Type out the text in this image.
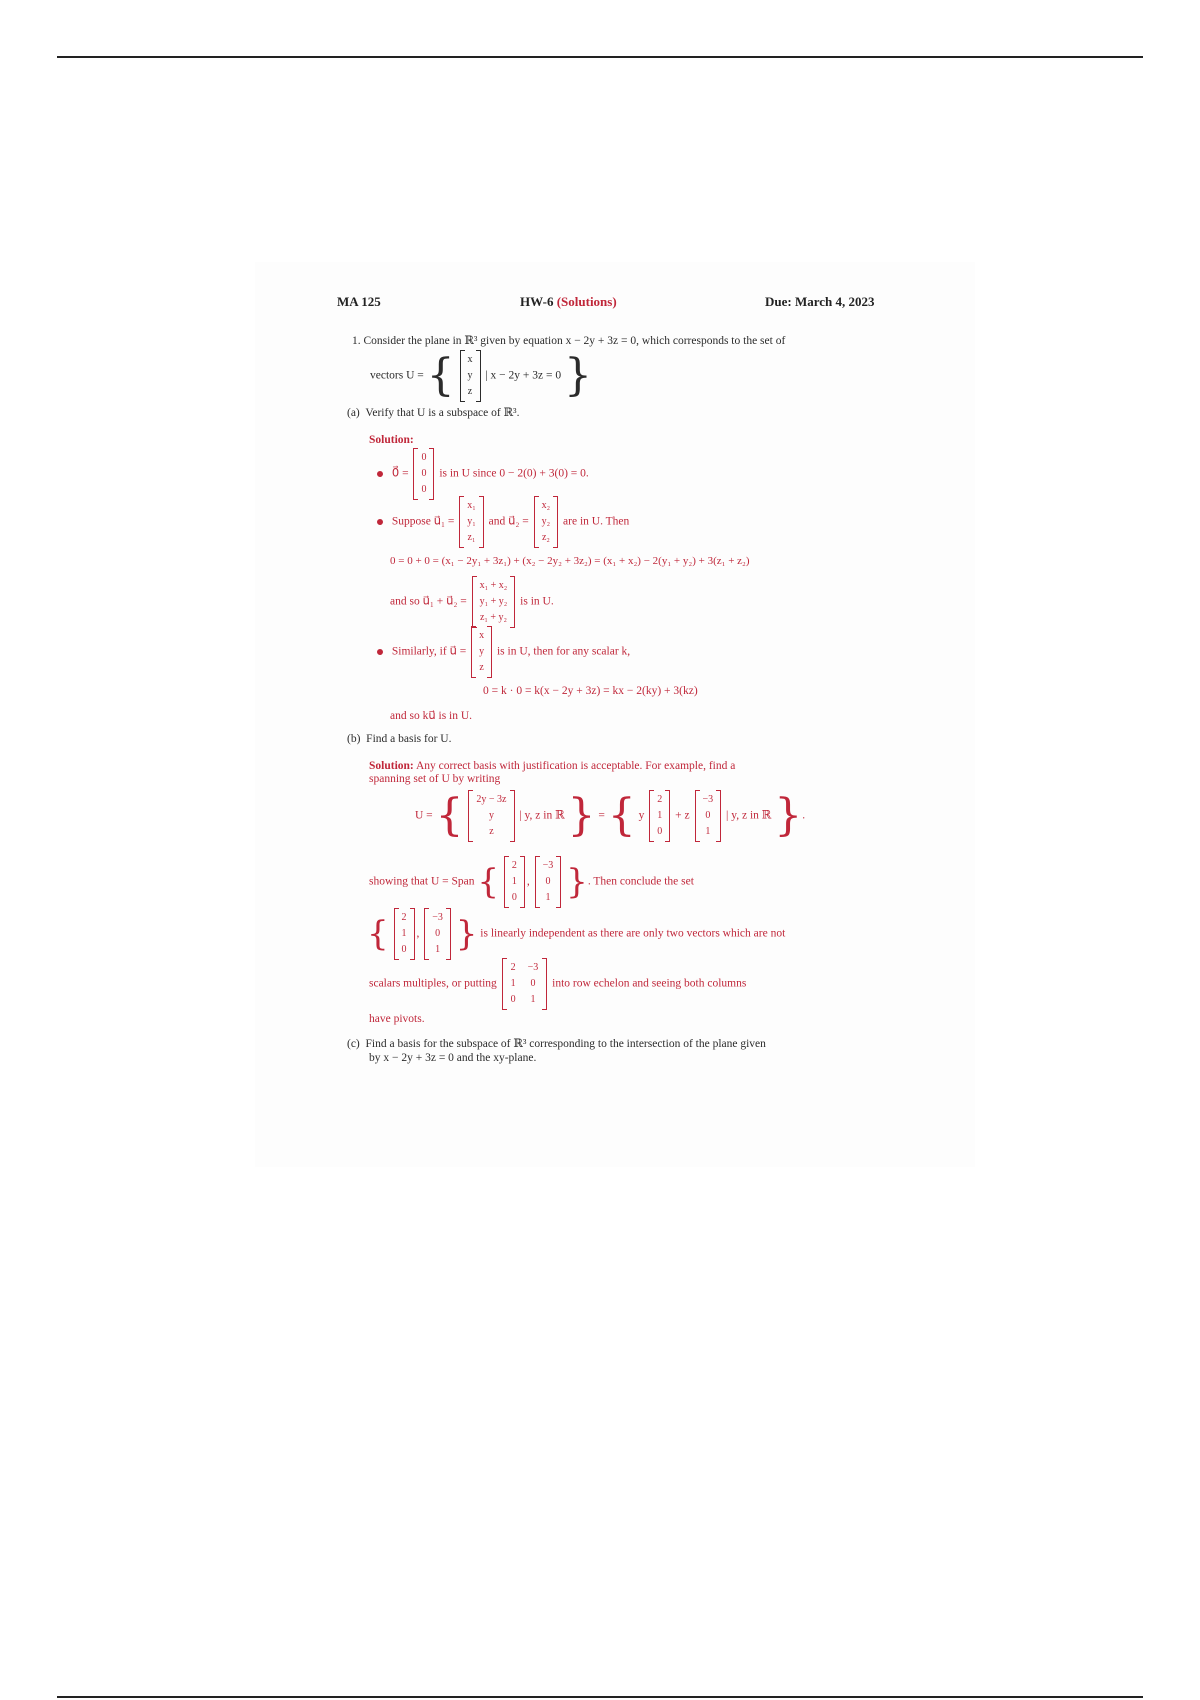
MA 125	HW-6 (Solutions)	Due: March 4, 2023
1. Consider the plane in ℝ³ given by equation x − 2y + 3z = 0, which corresponds to the set of
vectors U = { x
y
z
| x − 2y + 3z = 0 }
(a) Verify that U is a subspace of ℝ³.
Solution:
0⃗ =
0
0
0
is in U since 0 − 2(0) + 3(0) = 0.
Suppose u⃗₁ =
x₁
y₁
z₁
and u⃗₂ =
x₂
y₂
z₂
are in U. Then
0 = 0 + 0 = (x₁ − 2y₁ + 3z₁) + (x₂ − 2y₂ + 3z₂) = (x₁ + x₂) − 2(y₁ + y₂) + 3(z₁ + z₂)
and so u⃗₁ + u⃗₂ =
x₁ + x₂
y₁ + y₂
z₁ + y₂
is in U.
Similarly, if u⃗ =
x
y
z
is in U, then for any scalar k,
0 = k · 0 = k(x − 2y + 3z) = kx − 2(ky) + 3(kz)
and so ku⃗ is in U.
(b) Find a basis for U.
Solution: Any correct basis with justification is acceptable. For example, find a
spanning set of U by writing
U = { 2y − 3z
y
z
| y, z in ℝ } = { y
2
1
0
+ z
−3
0
1
| y, z in ℝ }.
showing that U = Span { 2
1
0
,
−3
0
1 }. Then conclude the set
{ 2
1
0
,
−3
0
1 } is linearly independent as there are only two vectors which are not
scalars multiples, or putting
2 −3
1 0
0 1
into row echelon and seeing both columns
have pivots.
(c) Find a basis for the subspace of ℝ³ corresponding to the intersection of the plane given
by x − 2y + 3z = 0 and the xy-plane.
